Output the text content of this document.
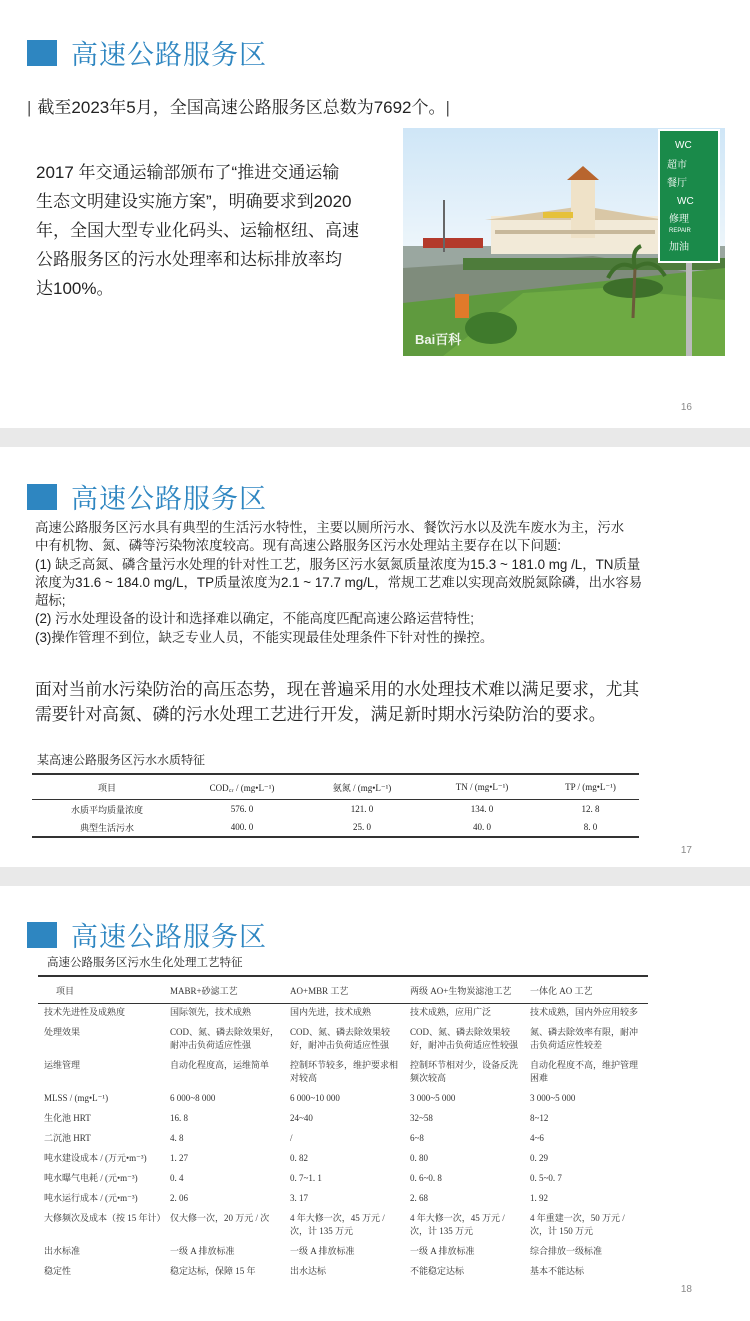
高速公路服务区
| 截至2023年5月，全国高速公路服务区总数为7692个。|
2017 年交通运输部颁布了“推进交通运输
生态文明建设实施方案”，明确要求到2020
年，全国大型专业化码头、运输枢纽、高速
公路服务区的污水处理率和达标排放率均
达100%。
WC
超市
餐厅
WC
修理
REPAIR
加油
Bai百科
16
高速公路服务区
高速公路服务区污水具有典型的生活污水特性，主要以厕所污水、餐饮污水以及洗车废水为主，污水
中有机物、氮、磷等污染物浓度较高。现有高速公路服务区污水处理站主要存在以下问题:
(1) 缺乏高氮、磷含量污水处理的针对性工艺，服务区污水氨氮质量浓度为15.3 ~ 181.0 mg /L，TN质量
浓度为31.6 ~ 184.0 mg/L，TP质量浓度为2.1 ~ 17.7 mg/L，常规工艺难以实现高效脱氮除磷，出水容易
超标;
(2) 污水处理设备的设计和选择难以确定，不能高度匹配高速公路运营特性;
(3)操作管理不到位，缺乏专业人员，不能实现最佳处理条件下针对性的操控。
面对当前水污染防治的高压态势，现在普遍采用的水处理技术难以满足要求，尤其
需要针对高氮、磷的污水处理工艺进行开发，满足新时期水污染防治的要求。
某高速公路服务区污水水质特征
项目	COD꜀ᵣ / (mg•L⁻¹)	氨氮 / (mg•L⁻¹)	TN / (mg•L⁻¹)	TP / (mg•L⁻¹)
水质平均质量浓度	576. 0	121. 0	134. 0	12. 8
典型生活污水	400. 0	25. 0	40. 0	8. 0
17
高速公路服务区
高速公路服务区污水生化处理工艺特征
项目	MABR+砂滤工艺	AO+MBR 工艺	两级 AO+生物炭滤池工艺	一体化 AO 工艺
技术先进性及成熟度	国际领先，技术成熟	国内先进，技术成熟	技术成熟，应用广泛	技术成熟，国内外应用较多
处理效果	COD、氮、磷去除效果好，耐冲击负荷适应性强	COD、氮、磷去除效果较好，耐冲击负荷适应性强	COD、氮、磷去除效果较好，耐冲击负荷适应性较强	氮、磷去除效率有限，耐冲击负荷适应性较差
运维管理	自动化程度高，运维简单	控制环节较多，维护要求相对较高	控制环节相对少，设备反洗频次较高	自动化程度不高，维护管理困难
MLSS / (mg•L⁻¹)	6 000~8 000	6 000~10 000	3 000~5 000	3 000~5 000
生化池 HRT	16. 8	24~40	32~58	8~12
二沉池 HRT	4. 8	/	6~8	4~6
吨水建设成本 / (万元•m⁻³)	1. 27	0. 82	0. 80	0. 29
吨水曝气电耗 / (元•m⁻³)	0. 4	0. 7~1. 1	0. 6~0. 8	0. 5~0. 7
吨水运行成本 / (元•m⁻³)	2. 06	3. 17	2. 68	1. 92
大修频次及成本（按 15 年计）	仅大修一次，20 万元 / 次	4 年大修一次，45 万元 / 次，计 135 万元	4 年大修一次，45 万元 / 次，计 135 万元	4 年重建一次，50 万元 / 次，计 150 万元
出水标准	一级 A 排放标准	一级 A 排放标准	一级 A 排放标准	综合排放一级标准
稳定性	稳定达标，保障 15 年	出水达标	不能稳定达标	基本不能达标
18
